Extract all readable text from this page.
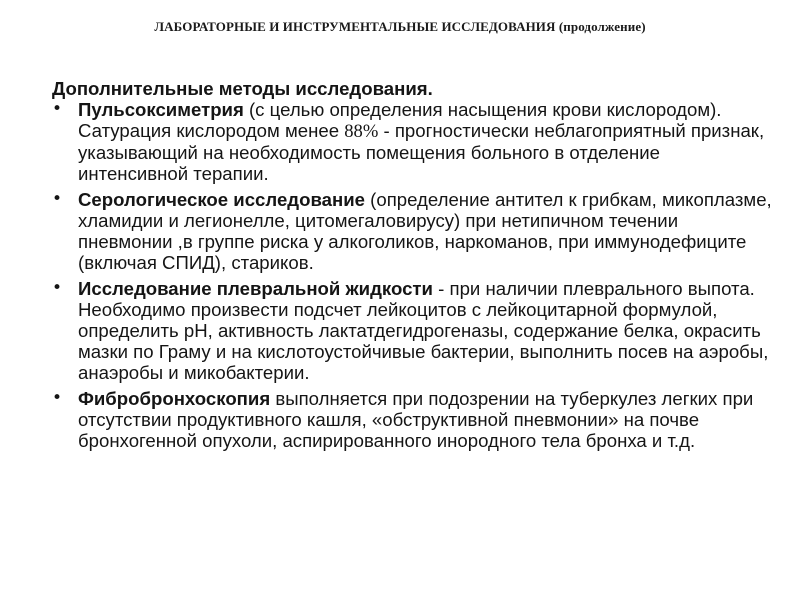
ЛАБОРАТОРНЫЕ И ИНСТРУМЕНТАЛЬНЫЕ ИССЛЕДОВАНИЯ (продолжение)
Дополнительные методы исследования.
• Пульсоксиметрия (с целью определения насыщения крови кислородом). Сатурация кислородом менее 88% - прогностически неблагоприятный признак, указывающий на необходимость помещения больного в отделение интенсивной терапии.
• Серологическое исследование (определение антител к грибкам, микоплазме, хламидии и легионелле, цитомегаловирусу) при нетипичном течении пневмонии ,в группе риска у алкоголиков, наркоманов, при иммунодефиците (включая СПИД), стариков.
• Исследование плевральной жидкости - при наличии плеврального выпота. Необходимо произвести подсчет лейкоцитов с лейкоцитарной формулой, определить рН, активность лактатдегидрогеназы, содержание белка, окрасить мазки по Граму и на кислотоустойчивые бактерии, выполнить посев на аэробы, анаэробы и микобактерии.
• Фибробронхоскопия выполняется при подозрении на туберкулез легких при отсутствии продуктивного кашля, «обструктивной пневмонии» на почве бронхогенной опухоли, аспирированного инородного тела бронха и т.д.
